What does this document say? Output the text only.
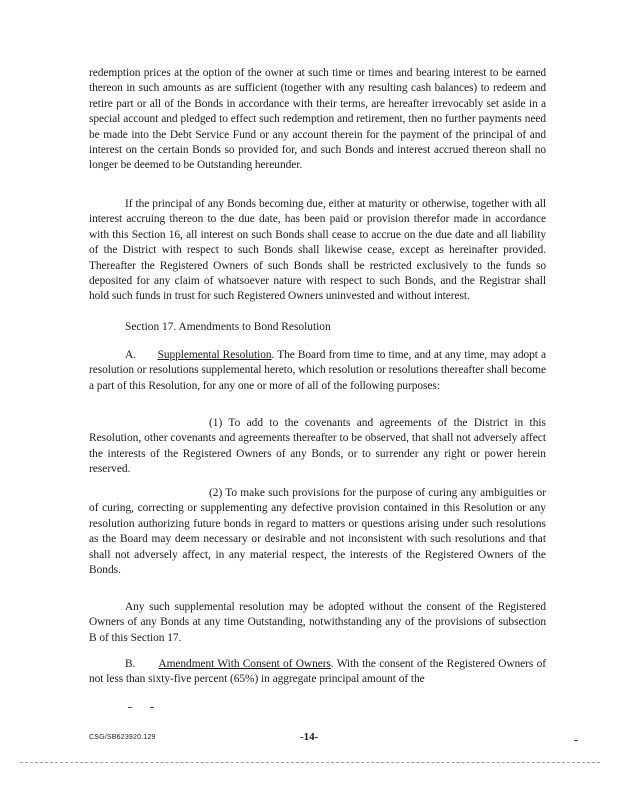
redemption prices at the option of the owner at such time or times and bearing interest to be earned thereon in such amounts as are sufficient (together with any resulting cash balances) to redeem and retire part or all of the Bonds in accordance with their terms, are hereafter irrevocably set aside in a special account and pledged to effect such redemption and retirement, then no further payments need be made into the Debt Service Fund or any account therein for the payment of the principal of and interest on the certain Bonds so provided for, and such Bonds and interest accrued thereon shall no longer be deemed to be Outstanding hereunder.
If the principal of any Bonds becoming due, either at maturity or otherwise, together with all interest accruing thereon to the due date, has been paid or provision therefor made in accordance with this Section 16, all interest on such Bonds shall cease to accrue on the due date and all liability of the District with respect to such Bonds shall likewise cease, except as hereinafter provided. Thereafter the Registered Owners of such Bonds shall be restricted exclusively to the funds so deposited for any claim of whatsoever nature with respect to such Bonds, and the Registrar shall hold such funds in trust for such Registered Owners uninvested and without interest.
Section 17. Amendments to Bond Resolution
A. Supplemental Resolution. The Board from time to time, and at any time, may adopt a resolution or resolutions supplemental hereto, which resolution or resolutions thereafter shall become a part of this Resolution, for any one or more of all of the following purposes:
(1) To add to the covenants and agreements of the District in this Resolution, other covenants and agreements thereafter to be observed, that shall not adversely affect the interests of the Registered Owners of any Bonds, or to surrender any right or power herein reserved.
(2) To make such provisions for the purpose of curing any ambiguities or of curing, correcting or supplementing any defective provision contained in this Resolution or any resolution authorizing future bonds in regard to matters or questions arising under such resolutions as the Board may deem necessary or desirable and not inconsistent with such resolutions and that shall not adversely affect, in any material respect, the interests of the Registered Owners of the Bonds.
Any such supplemental resolution may be adopted without the consent of the Registered Owners of any Bonds at any time Outstanding, notwithstanding any of the provisions of subsection B of this Section 17.
B. Amendment With Consent of Owners. With the consent of the Registered Owners of not less than sixty-five percent (65%) in aggregate principal amount of the
CSG/SB623920.129	-14-
